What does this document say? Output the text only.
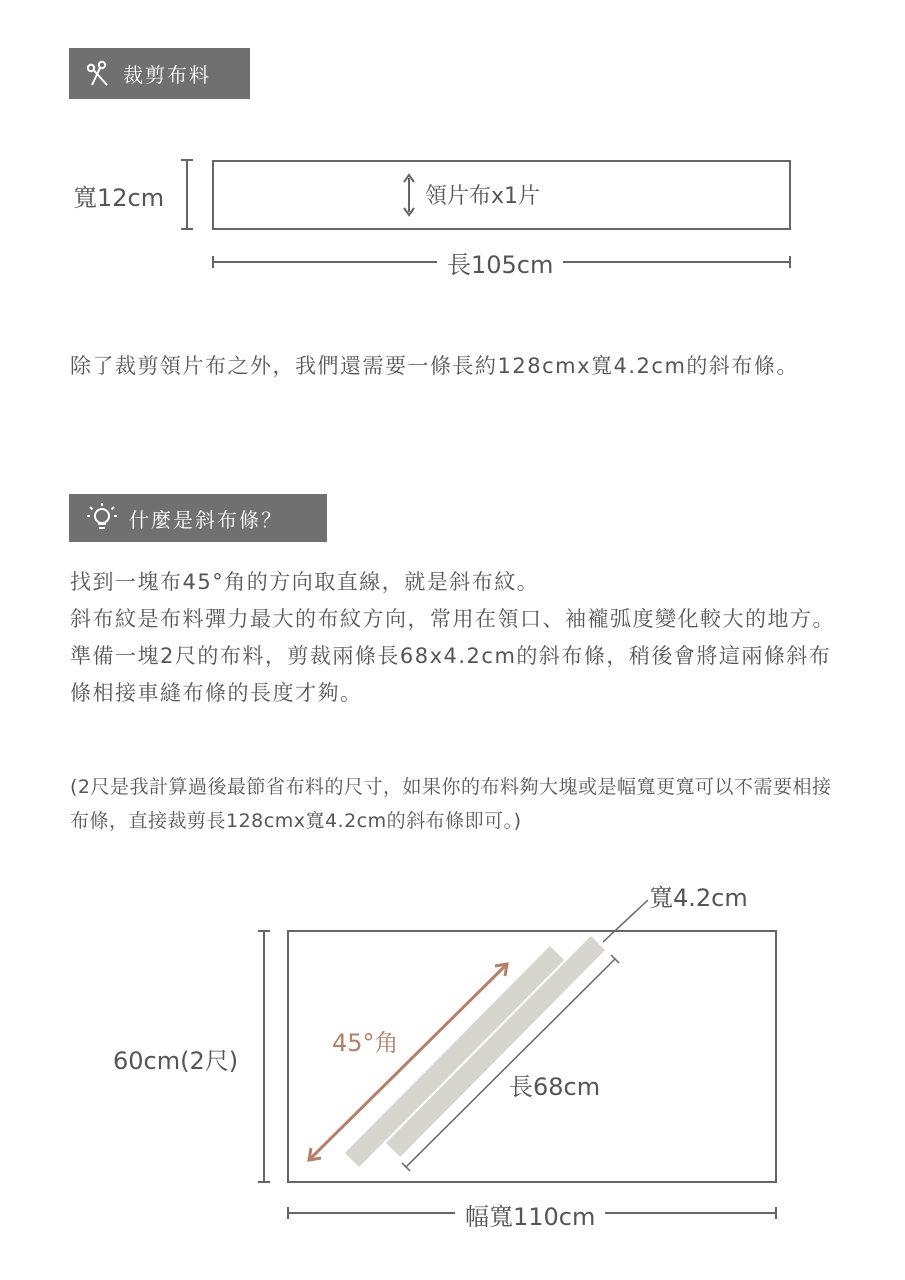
裁剪布料
寬12cm	領片布x1片
長105cm

除了裁剪領片布之外，我們還需要一條長約128cmx寬4.2cm的斜布條。

什麼是斜布條？

找到一塊布45°角的方向取直線，就是斜布紋。

斜布紋是布料彈力最大的布紋方向，常用在領口、袖襱弧度變化較大的地方。

準備一塊2尺的布料，剪裁兩條長68x4.2cm的斜布條，稍後會將這兩條斜布條相接車縫布條的長度才夠。

(2尺是我計算過後最節省布料的尺寸，如果你的布料夠大塊或是幅寬更寬可以不需要相接布條，直接裁剪長128cmx寬4.2cm的斜布條即可。)
寬4.2cm
45°角
60cm(2尺)
長68cm
幅寬110cm
